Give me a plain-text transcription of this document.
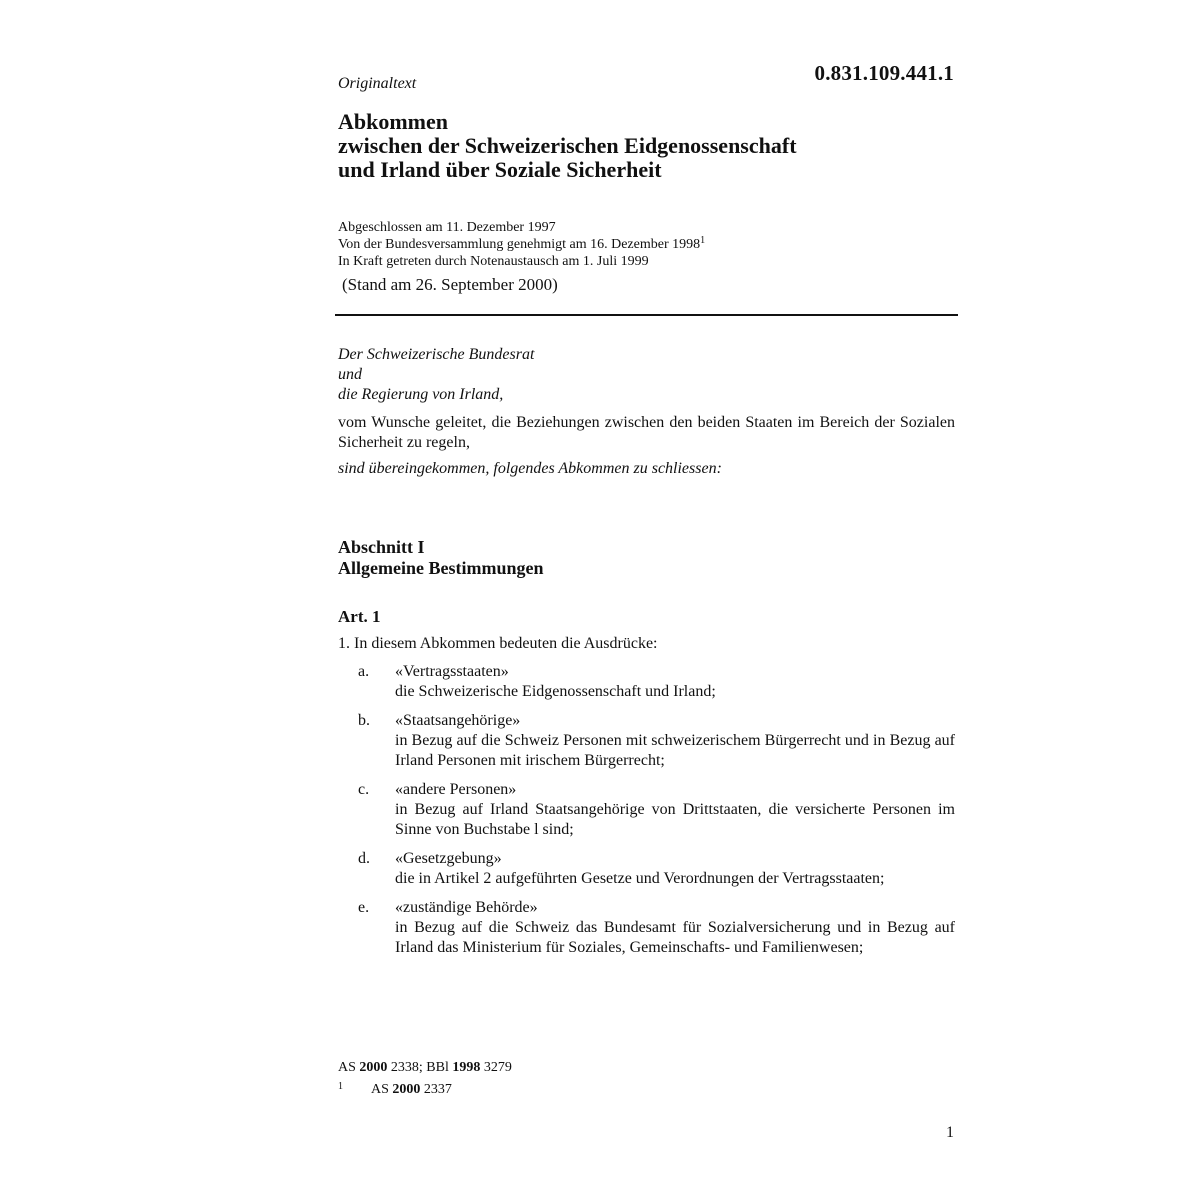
0.831.109.441.1

Originaltext

Abkommen
zwischen der Schweizerischen Eidgenossenschaft
und Irland über Soziale Sicherheit
Abgeschlossen am 11. Dezember 1997
Von der Bundesversammlung genehmigt am 16. Dezember 1998$^1$
In Kraft getreten durch Notenaustausch am 1. Juli 1999

(Stand am 26. September 2000)

Der Schweizerische Bundesrat
und
die Regierung von Irland,

vom Wunsche geleitet, die Beziehungen zwischen den beiden Staaten im Bereich der Sozialen Sicherheit zu regeln,

sind übereingekommen, folgendes Abkommen zu schliessen:

Abschnitt I
Allgemeine Bestimmungen
Art. 1

1. In diesem Abkommen bedeuten die Ausdrücke:

a. «Vertragsstaaten»
die Schweizerische Eidgenossenschaft und Irland;
b. «Staatsangehörige»
in Bezug auf die Schweiz Personen mit schweizerischem Bürgerrecht und in Bezug auf Irland Personen mit irischem Bürgerrecht;
c. «andere Personen»
in Bezug auf Irland Staatsangehörige von Drittstaaten, die versicherte Personen im Sinne von Buchstabe l sind;
d. «Gesetzgebung»
die in Artikel 2 aufgeführten Gesetze und Verordnungen der Vertragsstaaten;
e. «zuständige Behörde»
in Bezug auf die Schweiz das Bundesamt für Sozialversicherung und in Bezug auf Irland das Ministerium für Soziales, Gemeinschafts- und Familienwesen;
AS 2000 2338; BBl 1998 3279
1 AS 2000 2337

1
